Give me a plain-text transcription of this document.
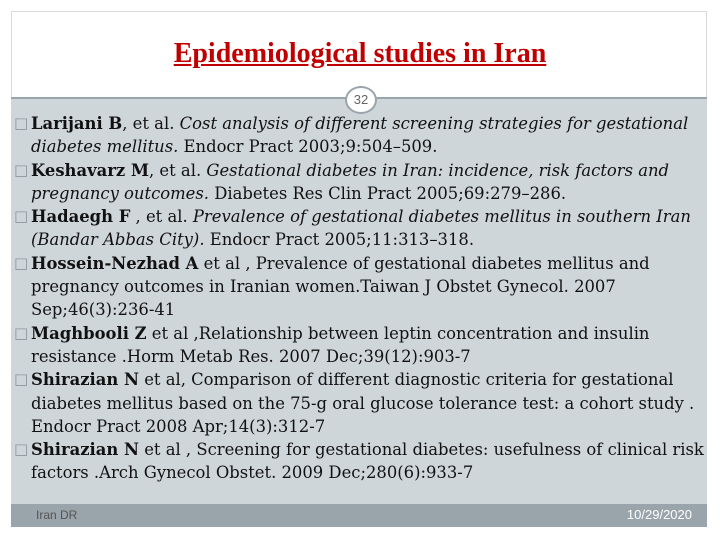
Epidemiological studies in Iran
32
□ Larijani B, et al. Cost analysis of different screening strategies for gestational diabetes mellitus. Endocr Pract 2003;9:504–509.
□ Keshavarz M, et al. Gestational diabetes in Iran: incidence, risk factors and pregnancy outcomes. Diabetes Res Clin Pract 2005;69:279–286.
□ Hadaegh F , et al. Prevalence of gestational diabetes mellitus in southern Iran (Bandar Abbas City). Endocr Pract 2005;11:313–318.
□ Hossein-Nezhad A et al , Prevalence of gestational diabetes mellitus and pregnancy outcomes in Iranian women.Taiwan J Obstet Gynecol. 2007 Sep;46(3):236-41
□ Maghbooli Z et al ,Relationship between leptin concentration and insulin resistance .Horm Metab Res. 2007 Dec;39(12):903-7
□ Shirazian N et al, Comparison of different diagnostic criteria for gestational diabetes mellitus based on the 75-g oral glucose tolerance test: a cohort study . Endocr Pract 2008 Apr;14(3):312-7
□ Shirazian N et al , Screening for gestational diabetes: usefulness of clinical risk factors .Arch Gynecol Obstet. 2009 Dec;280(6):933-7
Iran DR	10/29/2020
